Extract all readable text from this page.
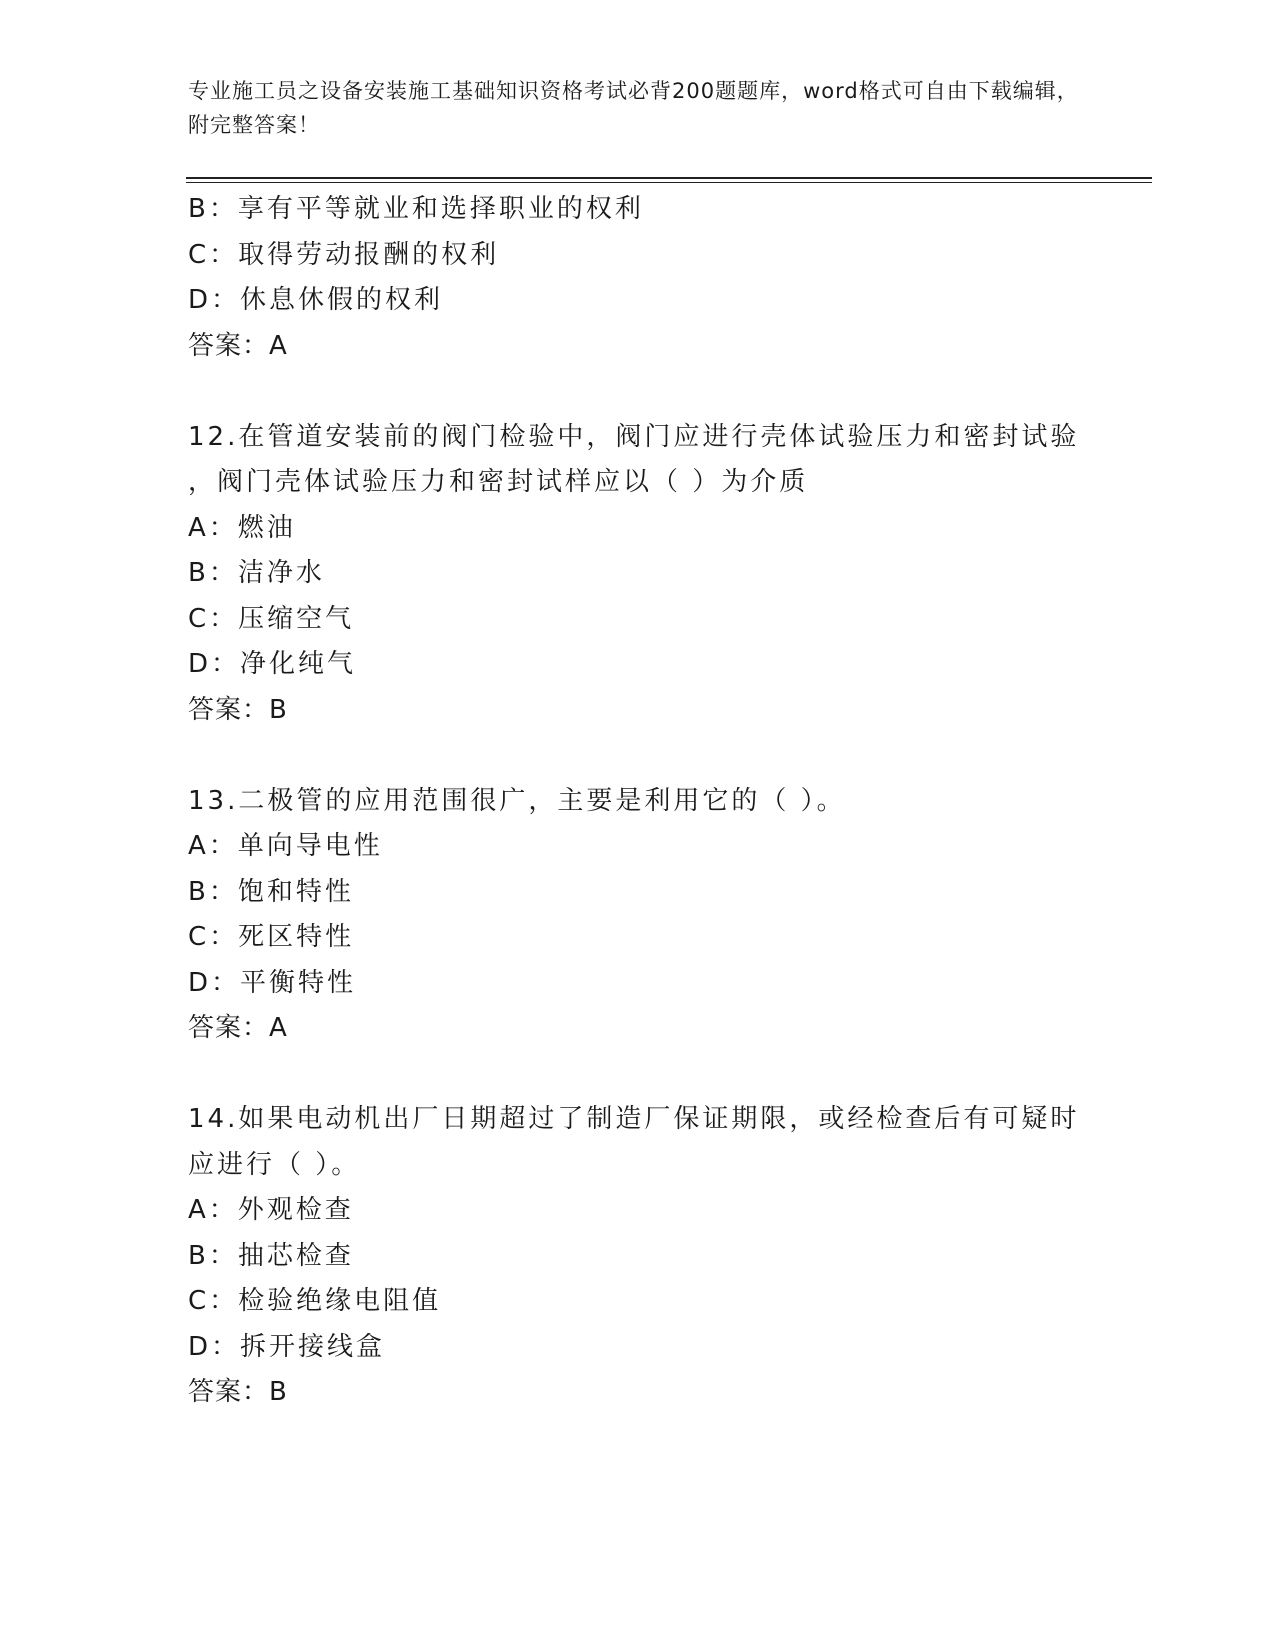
专业施工员之设备安装施工基础知识资格考试必背200题题库，word格式可自由下载编辑，附完整答案！
B：享有平等就业和选择职业的权利
C：取得劳动报酬的权利
D：休息休假的权利
答案：A
12.在管道安装前的阀门检验中，阀门应进行壳体试验压力和密封试验
，阀门壳体试验压力和密封试样应以（ ）为介质
A：燃油
B：洁净水
C：压缩空气
D：净化纯气
答案：B
13.二极管的应用范围很广，主要是利用它的（ ）。
A：单向导电性
B：饱和特性
C：死区特性
D：平衡特性
答案：A
14.如果电动机出厂日期超过了制造厂保证期限，或经检查后有可疑时
应进行（ ）。
A：外观检查
B：抽芯检查
C：检验绝缘电阻值
D：拆开接线盒
答案：B
